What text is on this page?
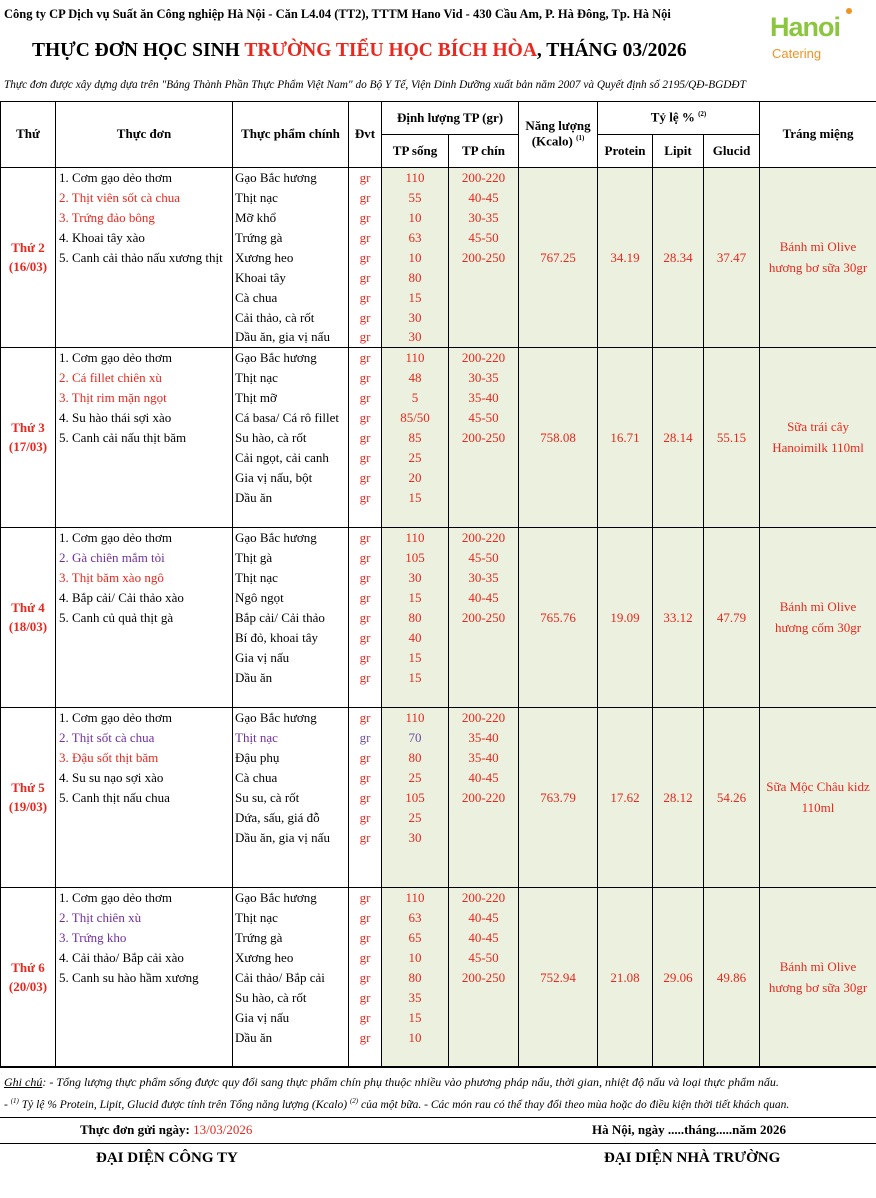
Công ty CP Dịch vụ Suất ăn Công nghiệp Hà Nội - Căn L4.04 (TT2), TTTM Hano Vid - 430 Cầu Am, P. Hà Đông, Tp. Hà Nội	Hanoi
Catering
THỰC ĐƠN HỌC SINH TRƯỜNG TIỂU HỌC BÍCH HÒA, THÁNG 03/2026
Thực đơn được xây dựng dựa trên "Bảng Thành Phần Thực Phẩm Việt Nam" do Bộ Y Tế, Viện Dinh Dưỡng xuất bản năm 2007 và Quyết định số 2195/QĐ-BGDĐT
Thứ	Thực đơn	Thực phẩm chính	Đvt	Định lượng TP (gr)		Năng lượng (Kcalo) $^{(1)}$	Tỷ lệ % $^{(2)}$			Tráng miệng
				TP sống	TP chín		Protein	Lipit	Glucid	
Thứ 2
(16/03)	1. Cơm gạo dẻo thơm	Gạo Bắc hương	gr	110	200-220	767.25	34.19	28.34	37.47	Bánh mì Olive hương bơ sữa 30gr
	2. Thịt viên sốt cà chua	Thịt nạc	gr	55	40-45					
	3. Trứng đảo bông	Mỡ khổ	gr	10	30-35					
	4. Khoai tây xào	Trứng gà	gr	63	45-50					
	5. Canh cải thảo nấu xương thịt	Xương heo	gr	10	200-250					
		Khoai tây	gr	80						
		Cà chua	gr	15						
		Cải thảo, cà rốt	gr	30						
		Dầu ăn, gia vị nấu	gr	30						
Thứ 3
(17/03)	1. Cơm gạo dẻo thơm	Gạo Bắc hương	gr	110	200-220	758.08	16.71	28.14	55.15	Sữa trái cây Hanoimilk 110ml
	2. Cá fillet chiên xù	Thịt nạc	gr	48	30-35					
	3. Thịt rim mặn ngọt	Thịt mỡ	gr	5	35-40					
	4. Su hào thái sợi xào	Cá basa/ Cá rô fillet	gr	85/50	45-50					
	5. Canh cải nấu thịt băm	Su hào, cà rốt	gr	85	200-250					
		Cải ngọt, cải canh	gr	25						
		Gia vị nấu, bột	gr	20						
		Dầu ăn	gr	15						

Thứ 4
(18/03)	1. Cơm gạo dẻo thơm	Gạo Bắc hương	gr	110	200-220	765.76	19.09	33.12	47.79	Bánh mì Olive hương cốm 30gr
	2. Gà chiên mắm tỏi	Thịt gà	gr	105	45-50					
	3. Thịt băm xào ngô	Thịt nạc	gr	30	30-35					
	4. Bắp cải/ Cải thảo xào	Ngô ngọt	gr	15	40-45					
	5. Canh củ quả thịt gà	Bắp cải/ Cải thảo	gr	80	200-250					
		Bí đỏ, khoai tây	gr	40						
		Gia vị nấu	gr	15						
		Dầu ăn	gr	15						

Thứ 5
(19/03)	1. Cơm gạo dẻo thơm	Gạo Bắc hương	gr	110	200-220	763.79	17.62	28.12	54.26	Sữa Mộc Châu kidz 110ml
	2. Thịt sốt cà chua	Thịt nạc	gr	70	35-40					
	3. Đậu sốt thịt băm	Đậu phụ	gr	80	35-40					
	4. Su su nạo sợi xào	Cà chua	gr	25	40-45					
	5. Canh thịt nấu chua	Su su, cà rốt	gr	105	200-220					
		Dứa, sấu, giá đỗ	gr	25						
		Dầu ăn, gia vị nấu	gr	30						

Thứ 6
(20/03)	1. Cơm gạo dẻo thơm	Gạo Bắc hương	gr	110	200-220	752.94	21.08	29.06	49.86	Bánh mì Olive hương bơ sữa 30gr
	2. Thịt chiên xù	Thịt nạc	gr	63	40-45					
	3. Trứng kho	Trứng gà	gr	65	40-45					
	4. Cải thảo/ Bắp cải xào	Xương heo	gr	10	45-50					
	5. Canh su hào hầm xương	Cải thảo/ Bắp cải	gr	80	200-250					
		Su hào, cà rốt	gr	35						
		Gia vị nấu	gr	15						
		Dầu ăn	gr	10						

Ghi chú: - Tổng lượng thực phẩm sống được quy đổi sang thực phẩm chín phụ thuộc nhiều vào phương pháp nấu, thời gian, nhiệt độ nấu và loại thực phẩm nấu.
- $^{(1)}$ Tỷ lệ % Protein, Lipit, Glucid được tính trên Tổng năng lượng (Kcalo) $^{(2)}$ của một bữa. - Các món rau có thể thay đổi theo mùa hoặc do điều kiện thời tiết khách quan.
Thực đơn gửi ngày: 13/03/2026	Hà Nội, ngày .....tháng.....năm 2026
ĐẠI DIỆN CÔNG TY	ĐẠI DIỆN NHÀ TRƯỜNG
